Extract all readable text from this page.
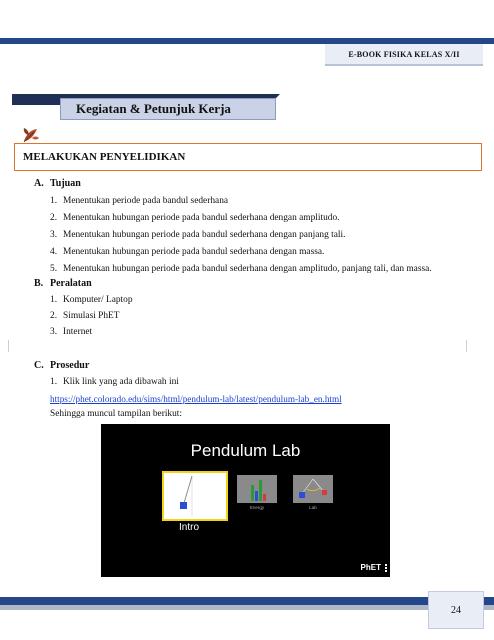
E-BOOK FISIKA KELAS X/II
Kegiatan & Petunjuk Kerja
MELAKUKAN PENYELIDIKAN
A. Tujuan
1. Menentukan periode pada bandul sederhana
2. Menentukan hubungan periode pada bandul sederhana dengan amplitudo.
3. Menentukan hubungan periode pada bandul sederhana dengan panjang tali.
4. Menentukan hubungan periode pada bandul sederhana dengan massa.
5. Menentukan hubungan periode pada bandul sederhana dengan amplitudo, panjang tali, dan massa.
B. Peralatan
1. Komputer/ Laptop
2. Simulasi PhET
3. Internet
C. Prosedur
1. Klik link yang ada dibawah ini
https://phet.colorado.edu/sims/html/pendulum-lab/latest/pendulum-lab_en.html
Sehingga muncul tampilan berikut:
Pendulum Lab
Intro
Energy	Lab
PhET
24
